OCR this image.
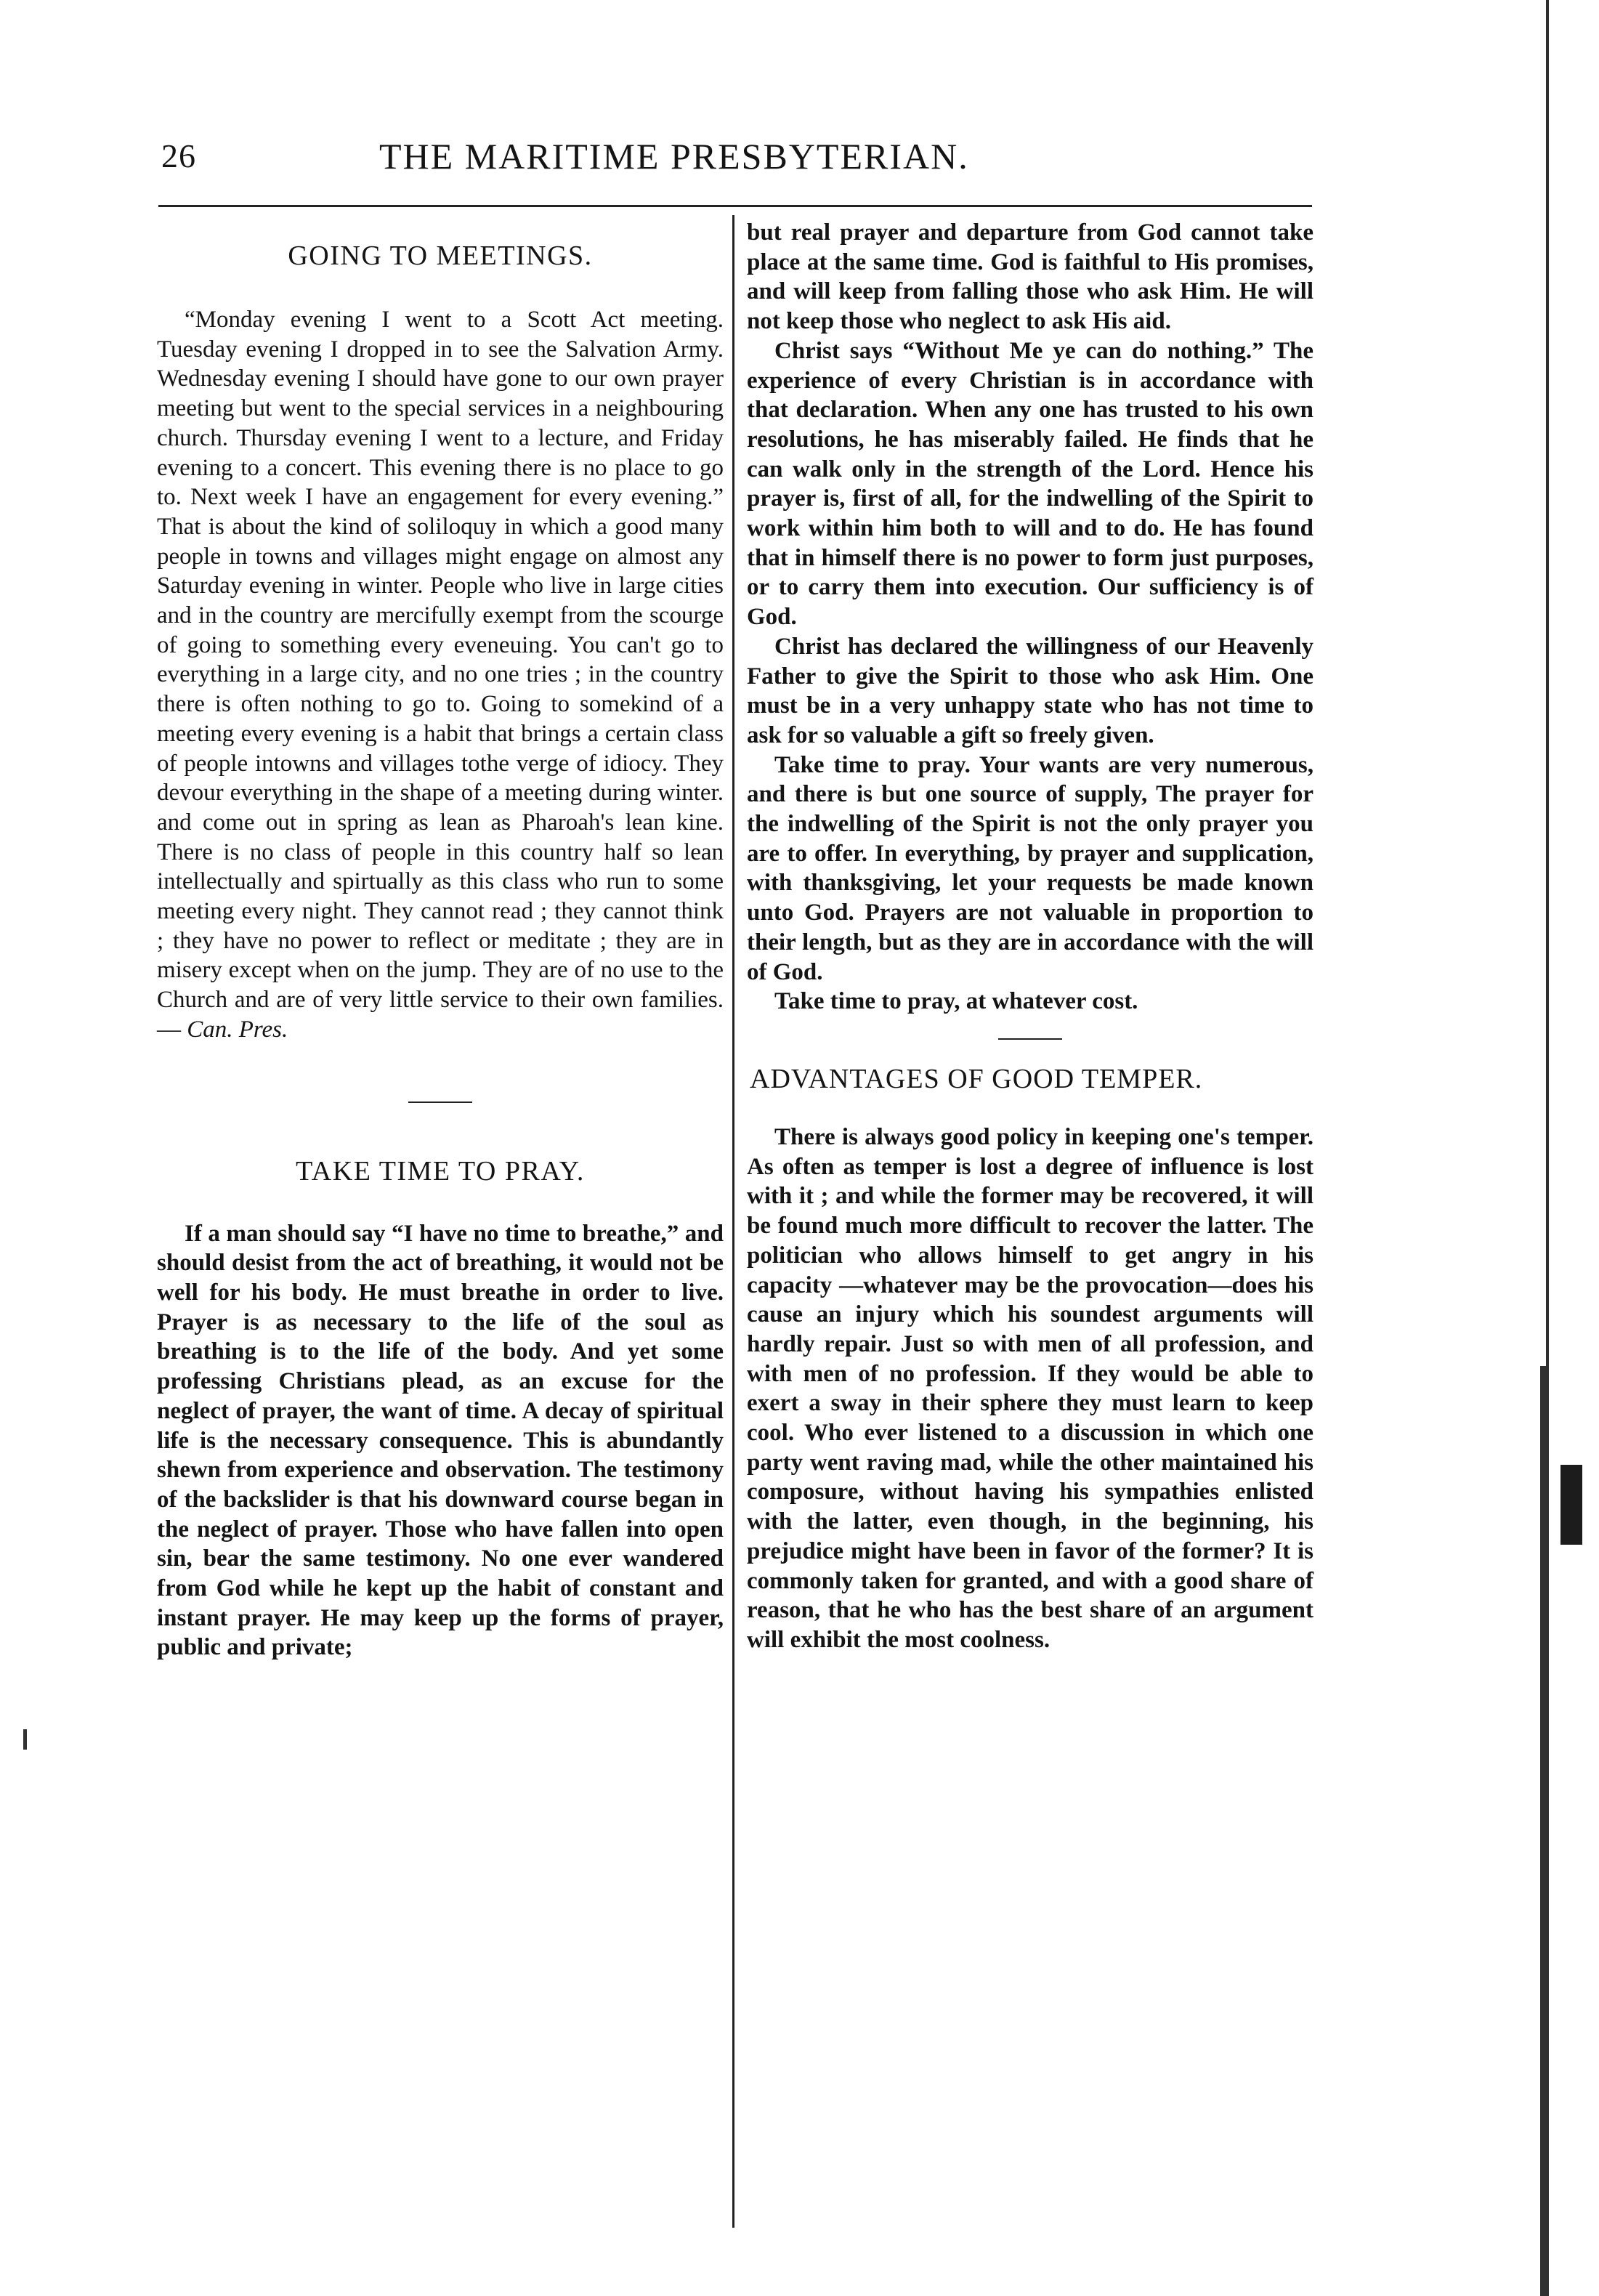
26	THE MARITIME PRESBYTERIAN.
GOING TO MEETINGS.

“Monday evening I went to a Scott Act meeting. Tuesday evening I dropped in to see the Salvation Army. Wednesday evening I should have gone to our own prayer meeting but went to the special services in a neighbouring church. Thursday evening I went to a lecture, and Friday evening to a concert. This evening there is no place to go to. Next week I have an engagement for every evening.” That is about the kind of soliloquy in which a good many people in towns and villages might engage on almost any Saturday evening in winter. People who live in large cities and in the country are mercifully exempt from the scourge of going to something every eveneuing. You can't go to everything in a large city, and no one tries ; in the country there is often nothing to go to. Going to somekind of a meeting every evening is a habit that brings a certain class of people intowns and villages tothe verge of idiocy. They devour everything in the shape of a meeting during winter. and come out in spring as lean as Pharoah's lean kine. There is no class of people in this country half so lean intellectually and spirtually as this class who run to some meeting every night. They cannot read ; they cannot think ; they have no power to reflect or meditate ; they are in misery except when on the jump. They are of no use to the Church and are of very little service to their own families.— Can. Pres.

TAKE TIME TO PRAY.

If a man should say “I have no time to breathe,” and should desist from the act of breathing, it would not be well for his body. He must breathe in order to live. Prayer is as necessary to the life of the soul as breathing is to the life of the body. And yet some professing Christians plead, as an excuse for the neglect of prayer, the want of time. A decay of spiritual life is the necessary consequence. This is abundantly shewn from experience and observation. The testimony of the backslider is that his downward course began in the neglect of prayer. Those who have fallen into open sin, bear the same testimony. No one ever wandered from God while he kept up the habit of constant and instant prayer. He may keep up the forms of prayer, public and private;

but real prayer and departure from God cannot take place at the same time. God is faithful to His promises, and will keep from falling those who ask Him. He will not keep those who neglect to ask His aid.

Christ says “Without Me ye can do nothing.” The experience of every Christian is in accordance with that declaration. When any one has trusted to his own resolutions, he has miserably failed. He finds that he can walk only in the strength of the Lord. Hence his prayer is, first of all, for the indwelling of the Spirit to work within him both to will and to do. He has found that in himself there is no power to form just purposes, or to carry them into execution. Our sufficiency is of God.

Christ has declared the willingness of our Heavenly Father to give the Spirit to those who ask Him. One must be in a very unhappy state who has not time to ask for so valuable a gift so freely given.

Take time to pray. Your wants are very numerous, and there is but one source of supply, The prayer for the indwelling of the Spirit is not the only prayer you are to offer. In everything, by prayer and supplication, with thanksgiving, let your requests be made known unto God. Prayers are not valuable in proportion to their length, but as they are in accordance with the will of God.

Take time to pray, at whatever cost.

ADVANTAGES OF GOOD TEMPER.

There is always good policy in keeping one's temper. As often as temper is lost a degree of influence is lost with it ; and while the former may be recovered, it will be found much more difficult to recover the latter. The politician who allows himself to get angry in his capacity —whatever may be the provocation—does his cause an injury which his soundest arguments will hardly repair. Just so with men of all profession, and with men of no profession. If they would be able to exert a sway in their sphere they must learn to keep cool. Who ever listened to a discussion in which one party went raving mad, while the other maintained his composure, without having his sympathies enlisted with the latter, even though, in the beginning, his prejudice might have been in favor of the former? It is commonly taken for granted, and with a good share of reason, that he who has the best share of an argument will exhibit the most coolness.
